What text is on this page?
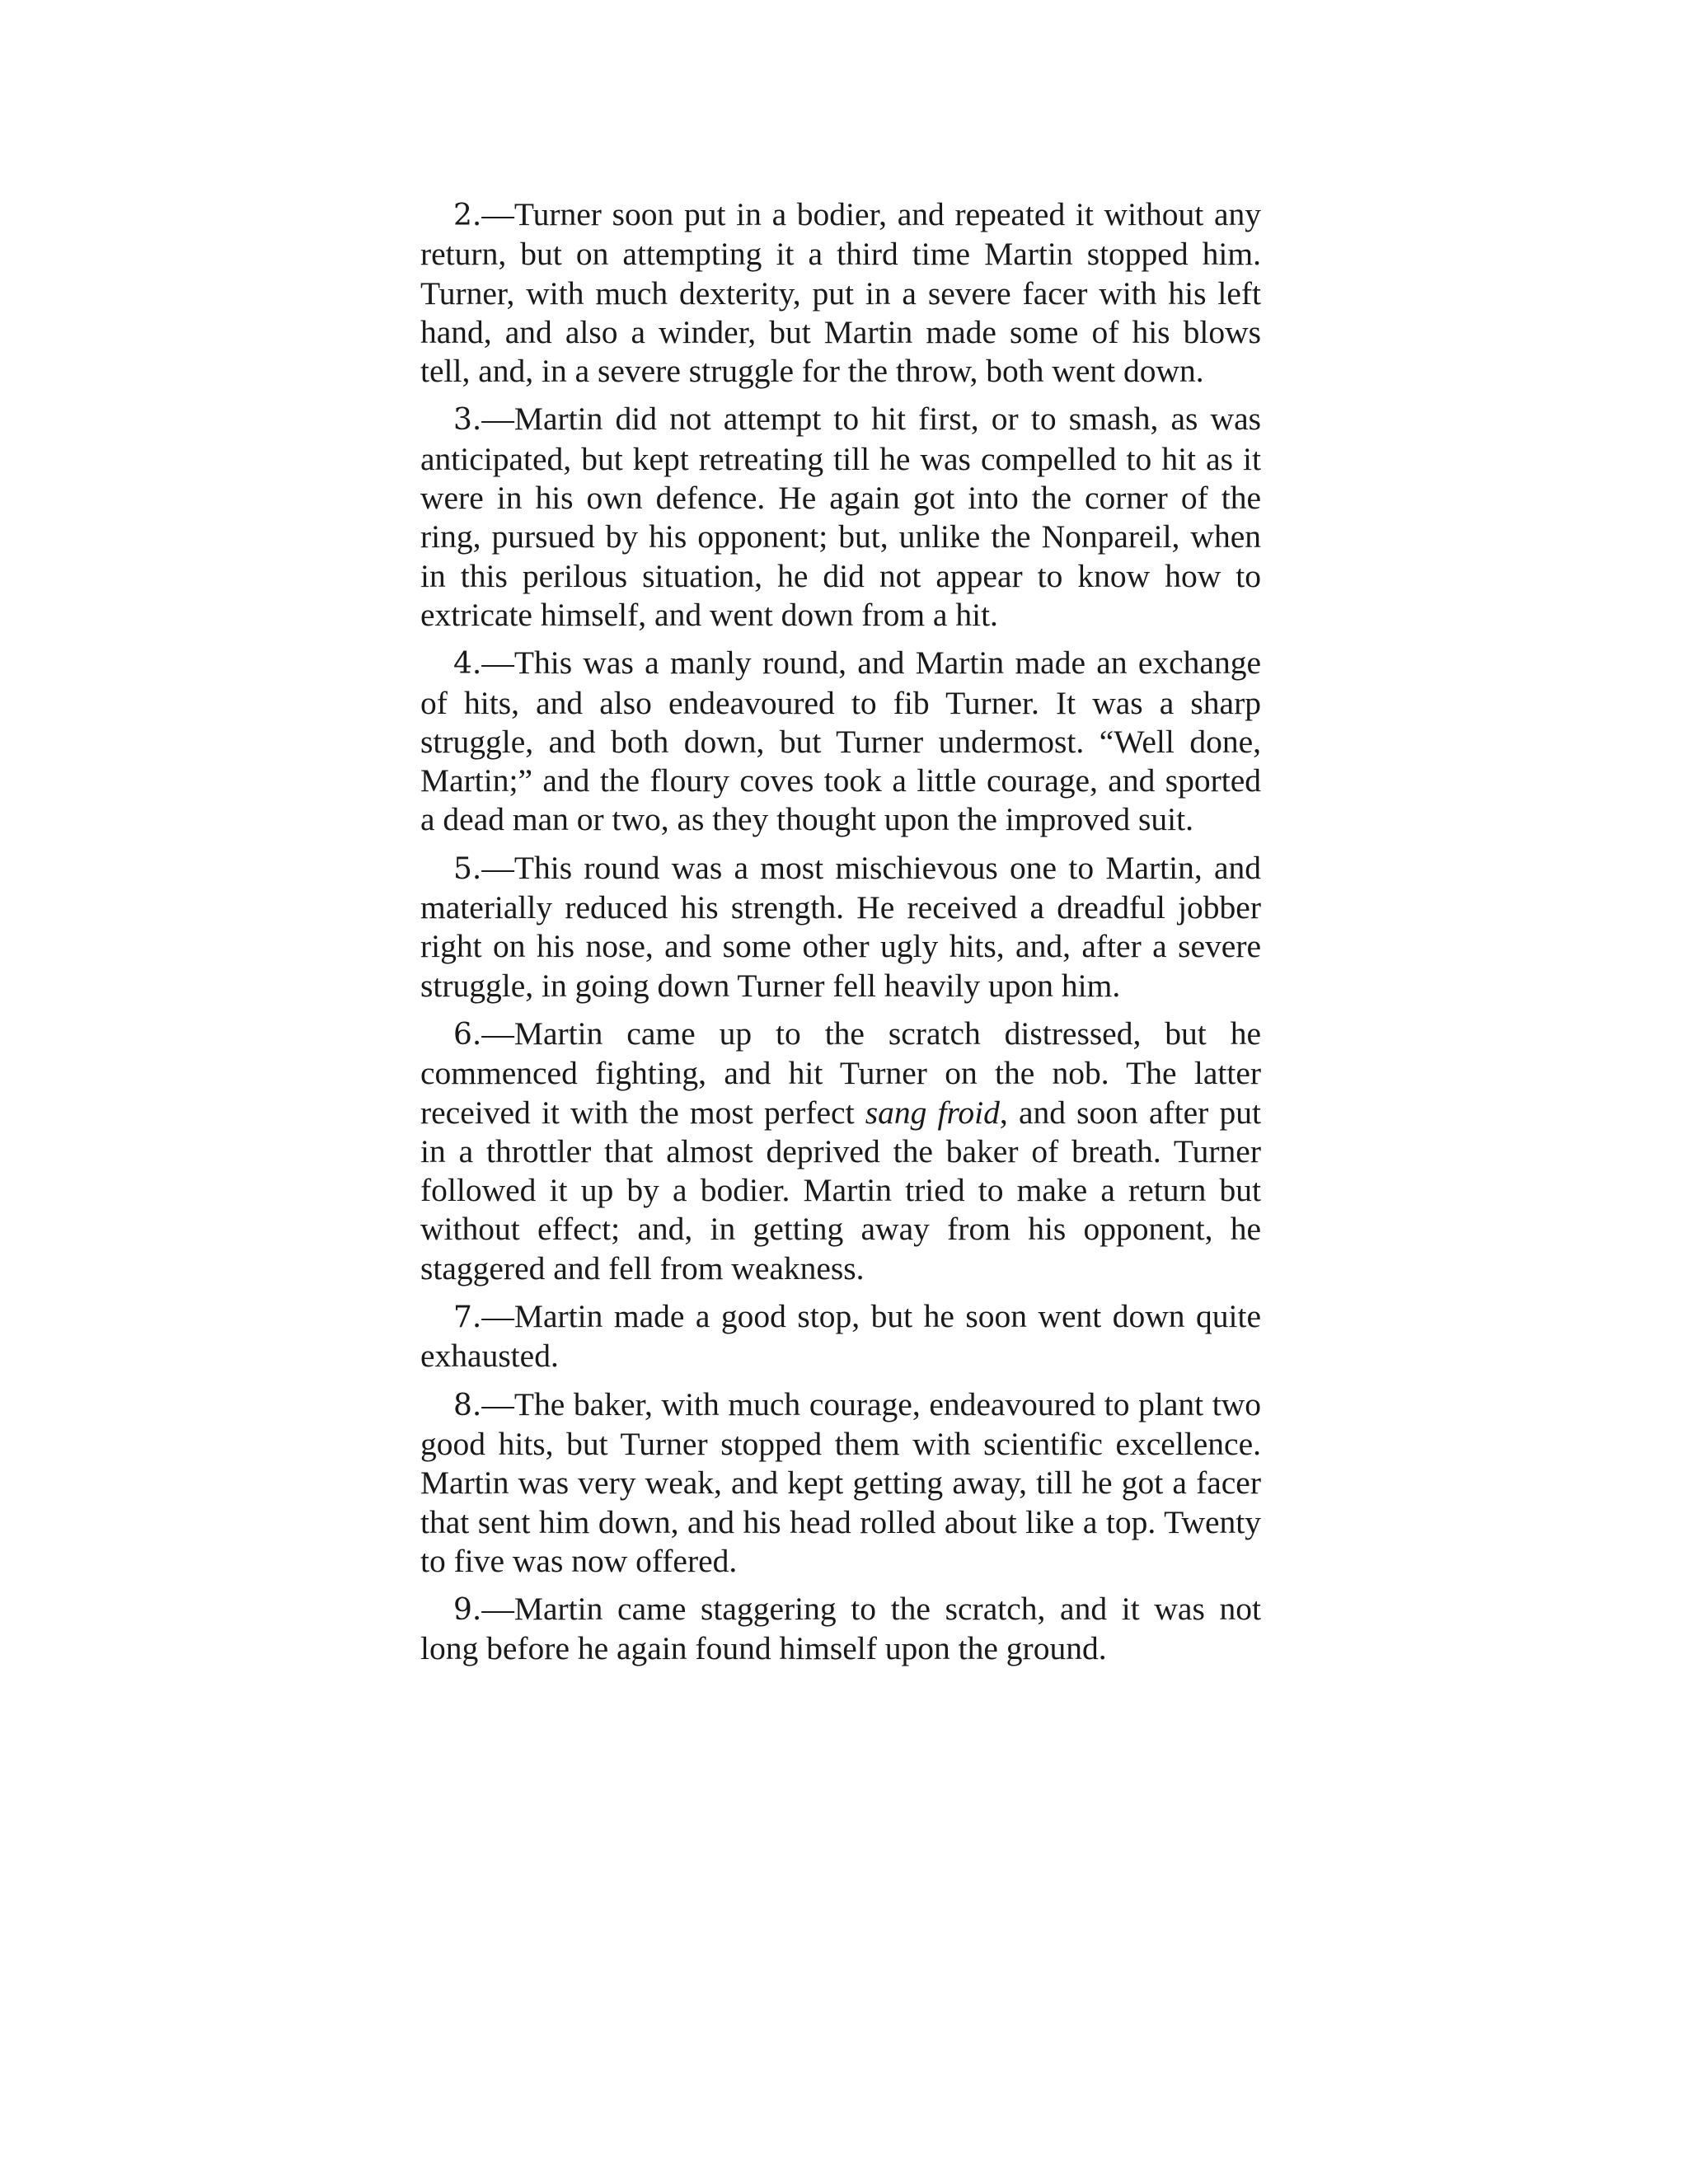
2.—Turner soon put in a bodier, and repeated it without any return, but on attempting it a third time Martin stopped him. Turner, with much dexterity, put in a severe facer with his left hand, and also a winder, but Martin made some of his blows tell, and, in a severe struggle for the throw, both went down.

3.—Martin did not attempt to hit first, or to smash, as was anticipated, but kept retreating till he was compelled to hit as it were in his own defence. He again got into the corner of the ring, pursued by his opponent; but, unlike the Nonpareil, when in this perilous situation, he did not appear to know how to extricate himself, and went down from a hit.

4.—This was a manly round, and Martin made an exchange of hits, and also endeavoured to fib Turner. It was a sharp struggle, and both down, but Turner undermost. “Well done, Martin;” and the floury coves took a little courage, and sported a dead man or two, as they thought upon the improved suit.

5.—This round was a most mischievous one to Martin, and materially reduced his strength. He received a dreadful jobber right on his nose, and some other ugly hits, and, after a severe struggle, in going down Turner fell heavily upon him.

6.—Martin came up to the scratch distressed, but he commenced fighting, and hit Turner on the nob. The latter received it with the most perfect sang froid, and soon after put in a throttler that almost deprived the baker of breath. Turner followed it up by a bodier. Martin tried to make a return but without effect; and, in getting away from his opponent, he staggered and fell from weakness.

7.—Martin made a good stop, but he soon went down quite exhausted.

8.—The baker, with much courage, endeavoured to plant two good hits, but Turner stopped them with scientific excellence. Martin was very weak, and kept getting away, till he got a facer that sent him down, and his head rolled about like a top. Twenty to five was now offered.

9.—Martin came staggering to the scratch, and it was not long before he again found himself upon the ground.
